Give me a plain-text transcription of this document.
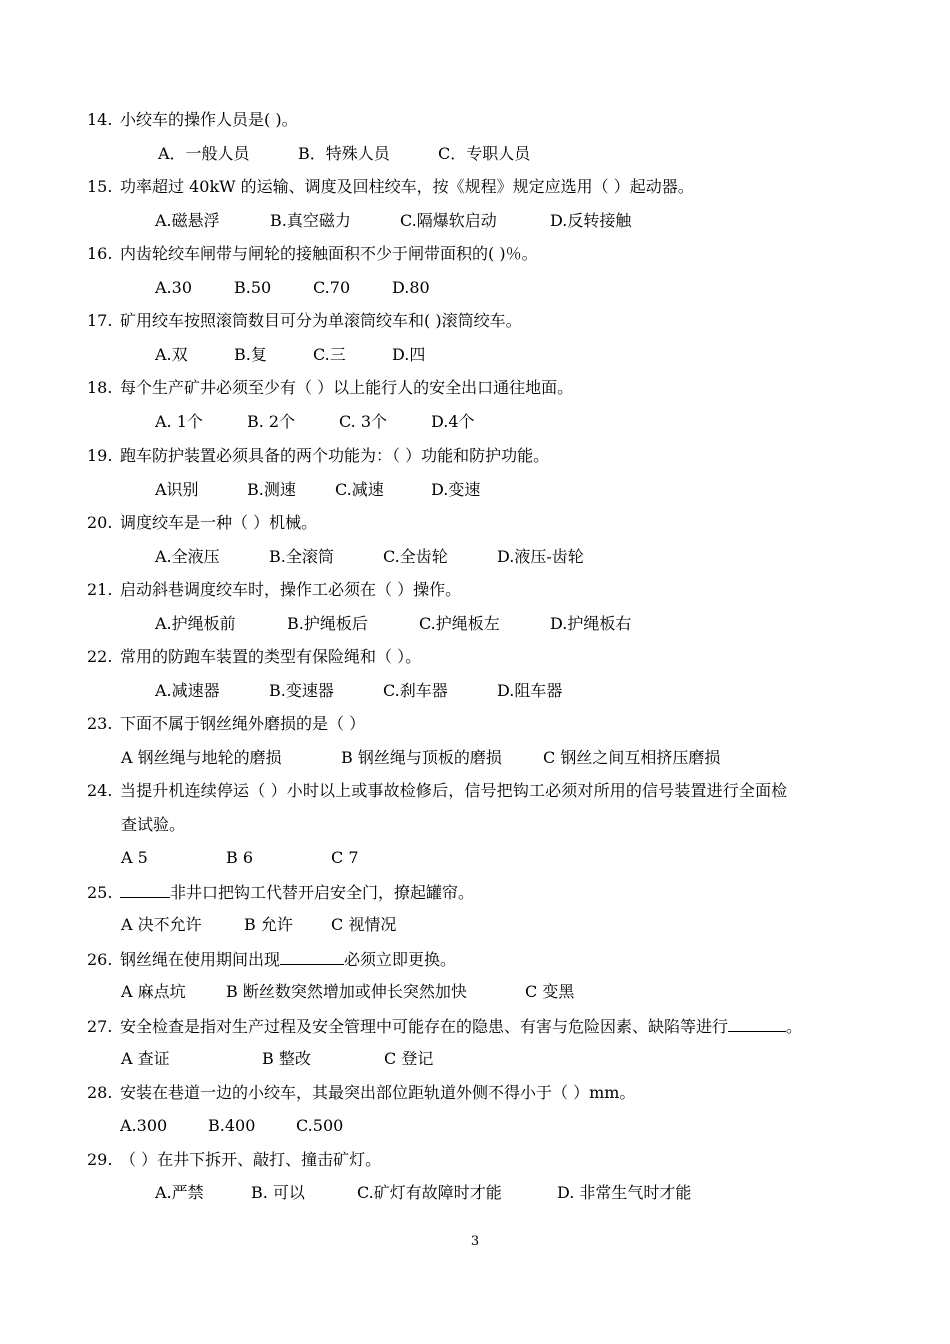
14. 小绞车的操作人员是( )。
A．一般人员	B．特殊人员	C．专职人员
15. 功率超过 40kW 的运输、调度及回柱绞车，按《规程》规定应选用（ ）起动器。
A.磁悬浮	B.真空磁力	C.隔爆软启动	D.反转接触
16. 内齿轮绞车闸带与闸轮的接触面积不少于闸带面积的( )％。
A.30	B.50	C.70	D.80
17. 矿用绞车按照滚筒数目可分为单滚筒绞车和( )滚筒绞车。
A.双	B.复	C.三	D.四
18. 每个生产矿井必须至少有（ ）以上能行人的安全出口通往地面。
A. 1个	B. 2个	C. 3个	D.4个
19. 跑车防护装置必须具备的两个功能为：（ ）功能和防护功能。
A识别	B.测速 C.减速	D.变速
20. 调度绞车是一种（ ）机械。
A.全液压	B.全滚筒	C.全齿轮	D.液压-齿轮
21. 启动斜巷调度绞车时，操作工必须在（ ）操作。
A.护绳板前	B.护绳板后	C.护绳板左	D.护绳板右
22. 常用的防跑车装置的类型有保险绳和（ ）。
A.减速器	B.变速器	C.刹车器	D.阻车器
23. 下面不属于钢丝绳外磨损的是（ ）
A 钢丝绳与地轮的磨损	B 钢丝绳与顶板的磨损	C 钢丝之间互相挤压磨损
24. 当提升机连续停运（ ）小时以上或事故检修后，信号把钩工必须对所用的信号装置进行全面检
查试验。
A 5	B 6	C 7
25.	非井口把钩工代替开启安全门，撩起罐帘。
A 决不允许	B 允许 C 视情况
26. 钢丝绳在使用期间出现	必须立即更换。
A 麻点坑	B 断丝数突然增加或伸长突然加快	C 变黑
27. 安全检查是指对生产过程及安全管理中可能存在的隐患、有害与危险因素、缺陷等进行	。
A 查证	B 整改	C 登记
28. 安装在巷道一边的小绞车，其最突出部位距轨道外侧不得小于（ ）mm。
A.300	B.400	C.500
29. （ ）在井下拆开、敲打、撞击矿灯。
A.严禁	B. 可以	C.矿灯有故障时才能	D. 非常生气时才能
3
